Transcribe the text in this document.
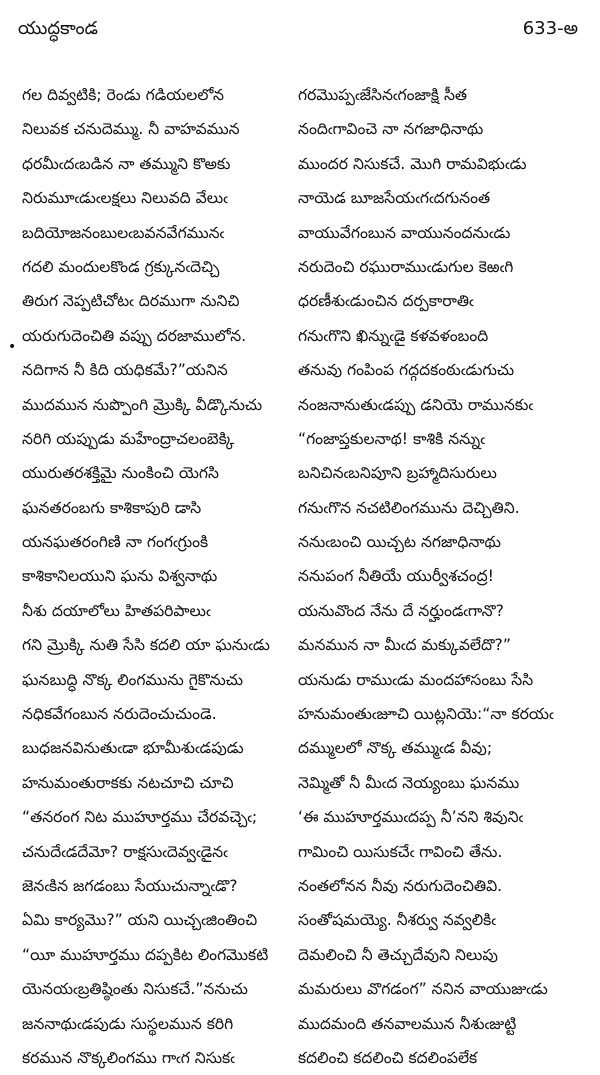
యుద్ధకాండ	633-అ
•
గల దివ్వటికి; రెండు గడియలలోన
నిలువక చనుదెమ్ము. నీ వాహవమున
ధరమీఁదఁబడిన నా తమ్ముని కొఅకు
నిరుమూఁడుఁలక్షలు నిలువది వేలుఁ
బదియోజనంబులఁబవనవేగమునఁ
గదలి మందులకొండ గ్రక్కునఁదెచ్చి
తిరుగ నెప్పటిచోటఁ దిరముగా నునిచి
యరుగుదెంచితి వప్పు దరజాములోన.
నదిగాన నీ కిది యధికమే?”యనిన
ముదమున నుప్పొంగి మ్రొక్కి వీడ్కొనుచు
నరిగి యప్పుడు మహేంద్రాచలంబెక్కి
యురుతరశక్తిమై నుంకించి యెగసి
ఘనతరంబగు కాశికాపురి డాసి
యనఘతరంగిణి నా గంగఁగ్రుంకి
కాశికానిలయుని ఘను విశ్వనాథు
నీశు దయాలోలు హితపరిపాలుఁ
గని మ్రొక్కి నుతి సేసి కదలి యా ఘనుఁడు
ఘనబుద్ధి నొక్క లింగమును గైకొనుచు
నధికవేగంబున నరుదెంచుచుండె.
బుధజనవినుతుఁడా భూమీశుఁడపుడు
హనుమంతురాకకు నటచూచి చూచి
“తనరంగ నిట ముహూర్తము చేరవచ్చెఁ;
చనుదేఁడదేమో? రాక్షసుఁదెవ్వఁడైనఁ
జెనఁకిన జగడంబు సేయుచున్నాఁడొ?
ఏమి కార్యమొ?” యని యిచ్చఁజింతించి
“యీ ముహూర్తము దప్పకిట లింగమొకటి
యెనయఁబ్రతిష్ఠింతు నిసుకచే.”ననుచు
జననాథుఁడపుడు సుస్థలమున కరిగి
కరమున నొక్కలింగము గాఁగ నిసుకఁ
గరమొప్పఁజేసినఁగంజాక్షి సీత
నందిఁగావించె నా నగజాధినాథు
ముందర నిసుకచే. మొగి రామవిభుఁడు
నాయెడ బూజసేయఁగఁదగునంత
వాయువేగంబున వాయునందనుఁడు
నరుదెంచి రఘురాముఁడుగుల కెఱఁగి
ధరణీశుఁడుంచిన దర్పకారాతిఁ
గనుఁగొని ఖిన్నుఁడై కళవళంబంది
తనువు గంపింప గద్గదకంఠుఁడుగుచు
నంజనానుతుఁడప్పు డనియె రామునకుఁ
“గంజాప్తకులనాథ! కాశికి నన్నుఁ
బనిచినఁబనిపూని బ్రహ్మాదిసురులు
గనుఁగొన నచటిలింగమును దెచ్చితిని.
ననుఁబంచి యిచ్చట నగజాధినాథు
ననుపంగ నీతియే యుర్వీశచంద్ర!
యనువొంద నేను దే నర్హుండఁగానొ?
మనమున నా మీఁద మక్కువలేదొ?”
యనుడు రాముఁడు మందహాసంబు సేసి
హనుమంతుఁజూచి యిట్లనియె:“నా కరయఁ
దమ్ములలో నొక్క తమ్ముఁడ వీవు;
నెమ్మితో నీ మీఁద నెయ్యంబు ఘనము
‘ఈ ముహూర్తముఁదప్ప నీ’నని శివునిఁ
గామించి యిసుకచేఁ గావించి తేను.
నంతలోనన నీవు నరుగుదెంచితివి.
సంతోషమయ్యె. నీశర్వు నవ్వలికిఁ
దెమలించి నీ తెచ్చుదేవుని నిలుపు
మమరులు వొగడంగ” ననిన వాయుజుఁడు
ముదమంది తనవాలమున నీశుఁజుట్టి
కదలించి కదలించి కదలింపలేక
